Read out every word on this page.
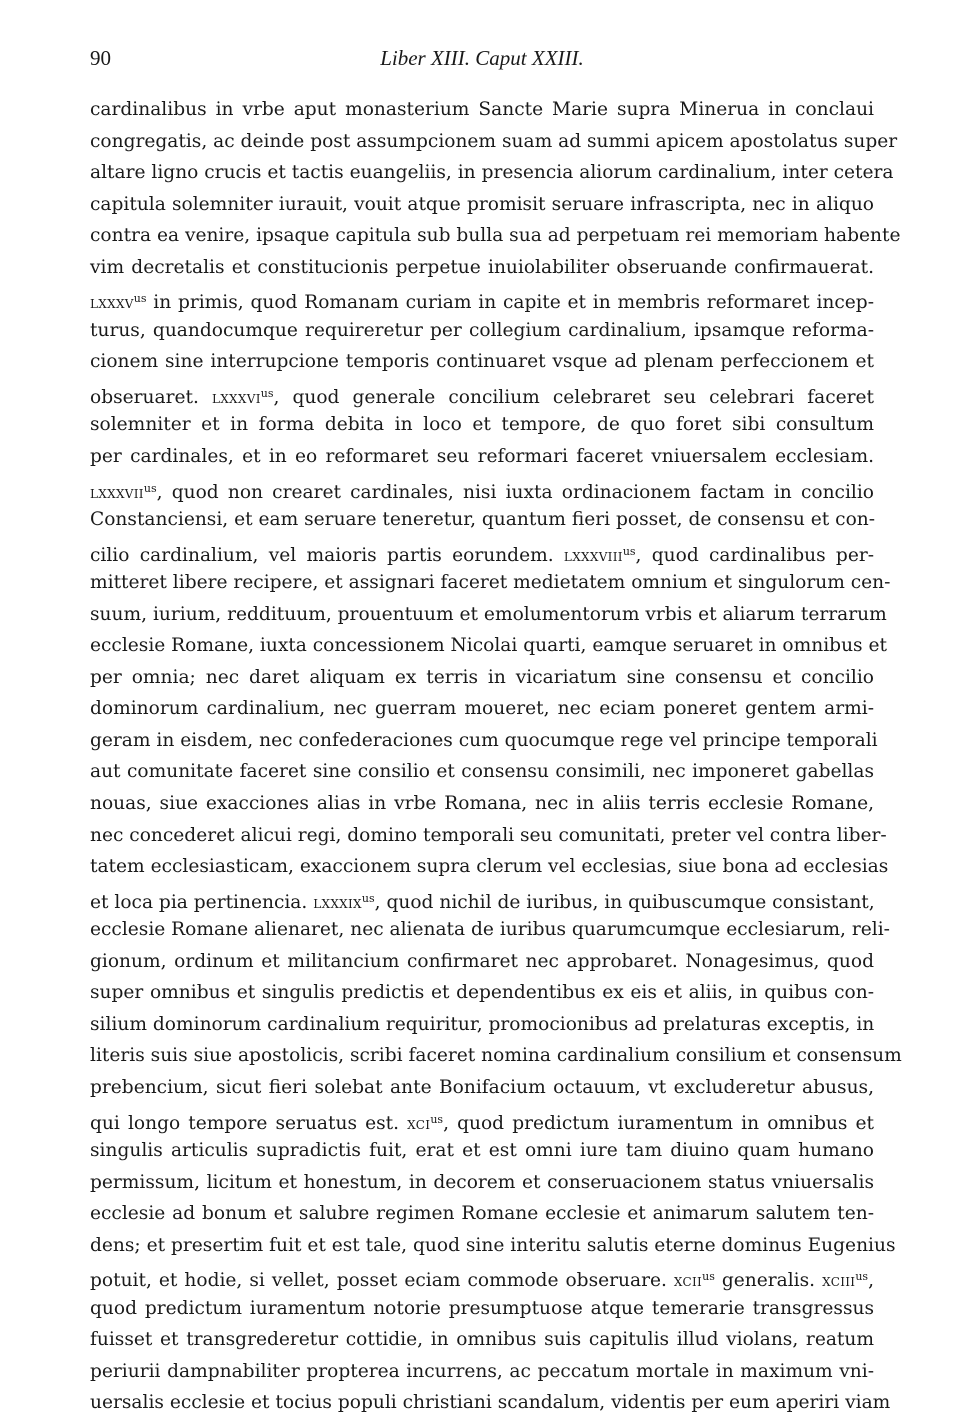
90	Liber XIII. Caput XXIII.
cardinalibus in vrbe aput monasterium Sancte Marie supra Minerua in conclaui
congregatis, ac deinde post assumpcionem suam ad summi apicem apostolatus super
altare ligno crucis et tactis euangeliis, in presencia aliorum cardinalium, inter cetera
capitula solemniter iurauit, vouit atque promisit seruare infrascripta, nec in aliquo
contra ea venire, ipsaque capitula sub bulla sua ad perpetuam rei memoriam habente
vim decretalis et constitucionis perpetue inuiolabiliter obseruande confirmauerat.
lxxxv$^{us}$ in primis, quod Romanam curiam in capite et in membris reformaret incep-
turus, quandocumque requireretur per collegium cardinalium, ipsamque reforma-
cionem sine interrupcione temporis continuaret vsque ad plenam perfeccionem et
obseruaret. lxxxvi$^{us}$, quod generale concilium celebraret seu celebrari faceret
solemniter et in forma debita in loco et tempore, de quo foret sibi consultum
per cardinales, et in eo reformaret seu reformari faceret vniuersalem ecclesiam.
lxxxvii$^{us}$, quod non crearet cardinales, nisi iuxta ordinacionem factam in concilio
Constanciensi, et eam seruare teneretur, quantum fieri posset, de consensu et con-
cilio cardinalium, vel maioris partis eorundem. lxxxviii$^{us}$, quod cardinalibus per-
mitteret libere recipere, et assignari faceret medietatem omnium et singulorum cen-
suum, iurium, reddituum, prouentuum et emolumentorum vrbis et aliarum terrarum
ecclesie Romane, iuxta concessionem Nicolai quarti, eamque seruaret in omnibus et
per omnia; nec daret aliquam ex terris in vicariatum sine consensu et concilio
dominorum cardinalium, nec guerram moueret, nec eciam poneret gentem armi-
geram in eisdem, nec confederaciones cum quocumque rege vel principe temporali
aut comunitate faceret sine consilio et consensu consimili, nec imponeret gabellas
nouas, siue exacciones alias in vrbe Romana, nec in aliis terris ecclesie Romane,
nec concederet alicui regi, domino temporali seu comunitati, preter vel contra liber-
tatem ecclesiasticam, exaccionem supra clerum vel ecclesias, siue bona ad ecclesias
et loca pia pertinencia. lxxxix$^{us}$, quod nichil de iuribus, in quibuscumque consistant,
ecclesie Romane alienaret, nec alienata de iuribus quarumcumque ecclesiarum, reli-
gionum, ordinum et militancium confirmaret nec approbaret. Nonagesimus, quod
super omnibus et singulis predictis et dependentibus ex eis et aliis, in quibus con-
silium dominorum cardinalium requiritur, promocionibus ad prelaturas exceptis, in
literis suis siue apostolicis, scribi faceret nomina cardinalium consilium et consensum
prebencium, sicut fieri solebat ante Bonifacium octauum, vt excluderetur abusus,
qui longo tempore seruatus est. xci$^{us}$, quod predictum iuramentum in omnibus et
singulis articulis supradictis fuit, erat et est omni iure tam diuino quam humano
permissum, licitum et honestum, in decorem et conseruacionem status vniuersalis
ecclesie ad bonum et salubre regimen Romane ecclesie et animarum salutem ten-
dens; et presertim fuit et est tale, quod sine interitu salutis eterne dominus Eugenius
potuit, et hodie, si vellet, posset eciam commode obseruare. xcii$^{us}$ generalis. xciii$^{us}$,
quod predictum iuramentum notorie presumptuose atque temerarie transgressus
fuisset et transgrederetur cottidie, in omnibus suis capitulis illud violans, reatum
periurii dampnabiliter propterea incurrens, ac peccatum mortale in maximum vni-
uersalis ecclesie et tocius populi christiani scandalum, videntis per eum aperiri viam
